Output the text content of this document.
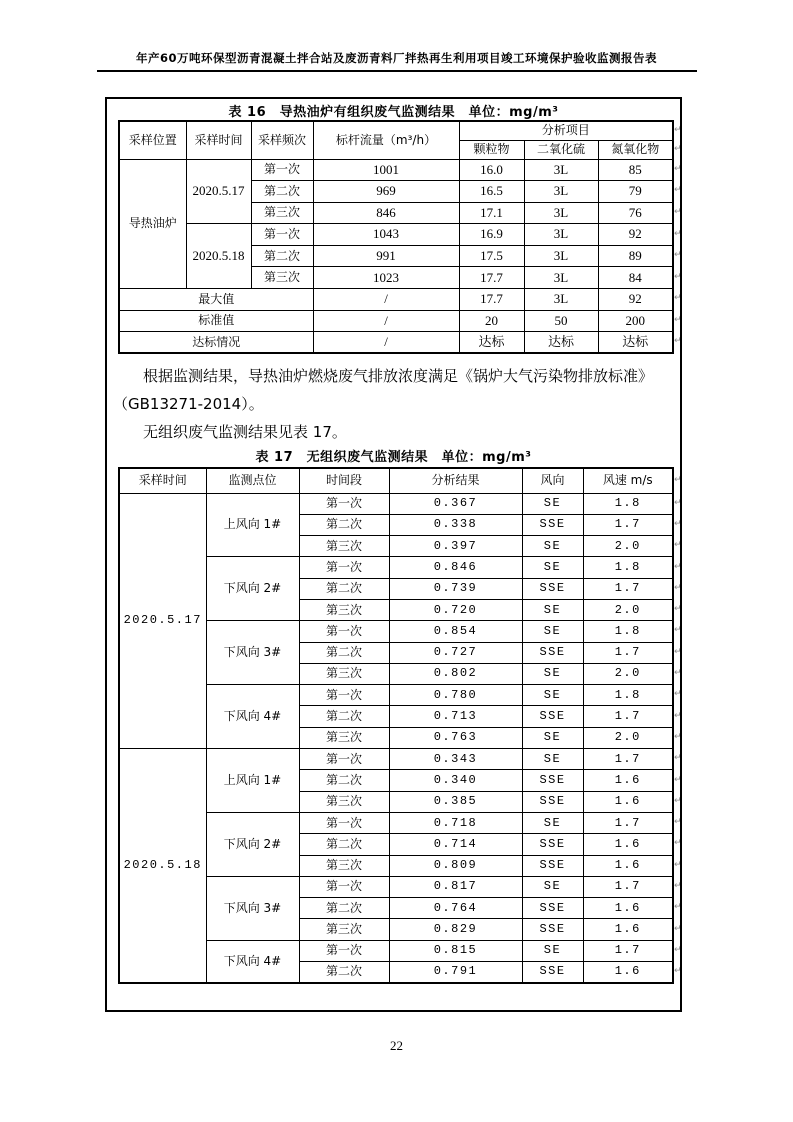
年产60万吨环保型沥青混凝土拌合站及废沥青料厂拌热再生利用项目竣工环境保护验收监测报告表
表 16　导热油炉有组织废气监测结果　单位：mg/m³
采样位置	采样时间	采样频次	标杆流量（m³/h）	分析项目 ↵
				颗粒物	二氧化硫	氮氧化物 ↵
导热油炉	2020.5.17	第一次	1001	16.0	3L	85 ↵
		第二次	969	16.5	3L	79 ↵
		第三次	846	17.1	3L	76 ↵
	2020.5.18	第一次	1043	16.9	3L	92 ↵
		第二次	991	17.5	3L	89 ↵
		第三次	1023	17.7	3L	84 ↵
最大值			/	17.7	3L	92 ↵
标准值			/	20	50	200 ↵
达标情况			/	达标	达标	达标 ↵
根据监测结果，导热油炉燃烧废气排放浓度满足《锅炉大气污染物排放标准》
（GB13271-2014）。
无组织废气监测结果见表 17。
表 17　无组织废气监测结果　单位：mg/m³
采样时间	监测点位	时间段	分析结果	风向	风速 m/s ↵
2020.5.17	上风向 1#	第一次	0.367	SE	1.8 ↵
		第二次	0.338	SSE	1.7 ↵
		第三次	0.397	SE	2.0 ↵
	下风向 2#	第一次	0.846	SE	1.8 ↵
		第二次	0.739	SSE	1.7 ↵
		第三次	0.720	SE	2.0 ↵
	下风向 3#	第一次	0.854	SE	1.8 ↵
		第二次	0.727	SSE	1.7 ↵
		第三次	0.802	SE	2.0 ↵
	下风向 4#	第一次	0.780	SE	1.8 ↵
		第二次	0.713	SSE	1.7 ↵
		第三次	0.763	SE	2.0 ↵
2020.5.18	上风向 1#	第一次	0.343	SE	1.7 ↵
		第二次	0.340	SSE	1.6 ↵
		第三次	0.385	SSE	1.6 ↵
	下风向 2#	第一次	0.718	SE	1.7 ↵
		第二次	0.714	SSE	1.6 ↵
		第三次	0.809	SSE	1.6 ↵
	下风向 3#	第一次	0.817	SE	1.7 ↵
		第二次	0.764	SSE	1.6 ↵
		第三次	0.829	SSE	1.6 ↵
	下风向 4#	第一次	0.815	SE	1.7 ↵
		第二次	0.791	SSE	1.6 ↵
22
